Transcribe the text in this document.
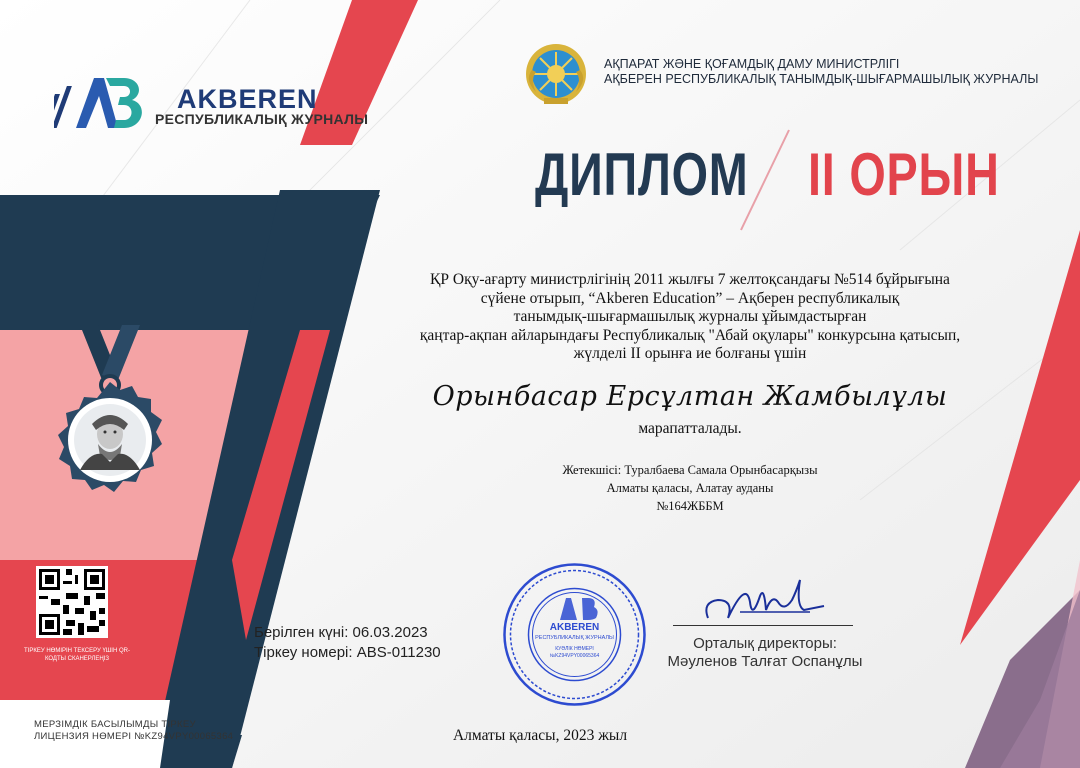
AKBEREN
РЕСПУБЛИКАЛЫҚ ЖУРНАЛЫ
АҚПАРАТ ЖӘНЕ ҚОҒАМДЫҚ ДАМУ МИНИСТРЛІГІ
АҚБЕРЕН РЕСПУБЛИКАЛЫҚ ТАНЫМДЫҚ-ШЫҒАРМАШЫЛЫҚ ЖУРНАЛЫ
ДИПЛОМ II ОРЫН
ТІРКЕУ НӨМІРІН ТЕКСЕРУ ҮШІН QR-КОДТЫ СКАНЕРЛЕҢІЗ
ҚР Оқу-ағарту министрлігінің 2011 жылғы 7 желтоқсандағы №514 бұйрығына
сүйене отырып, “Akberen Education” – Ақберен республикалық
танымдық-шығармашылық журналы ұйымдастырған
қаңтар-ақпан айларындағы Республикалық "Абай оқулары" конкурсына қатысып,
жүлделі II орынға ие болғаны үшін
Орынбасар Ерсұлтан Жамбылұлы
марапатталады.
Жетекшісі: Туралбаева Самала Орынбасарқызы
Алматы қаласы, Алатау ауданы
№164ЖББМ
Берілген күні: 06.03.2023
Тіркеу номері: ABS-011230
AKBEREN
РЕСПУБЛИКАЛЫҚ ЖУРНАЛЫ
КУӘЛІК НӨМЕРІ
№KZ94VPY00065364
Орталық директоры:
Мәуленов Талғат Оспанұлы
Алматы қаласы, 2023 жыл
МЕРЗІМДІК БАСЫЛЫМДЫ ТІРКЕУ
ЛИЦЕНЗИЯ НӨМЕРІ №KZ94VPY00065364
